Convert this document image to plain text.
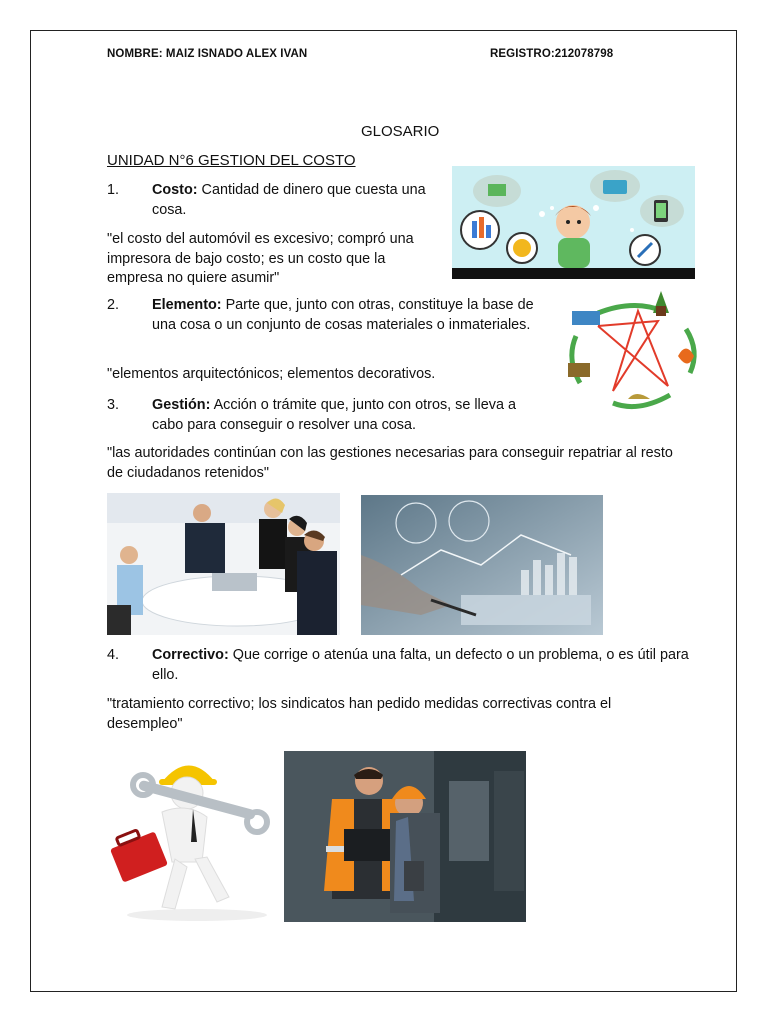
NOMBRE: MAIZ ISNADO ALEX IVAN	REGISTRO:212078798
GLOSARIO
UNIDAD N°6 GESTION DEL COSTO
1. Costo: Cantidad de dinero que cuesta una cosa.
"el costo del automóvil es excesivo; compró una impresora de bajo costo; es un costo que la empresa no quiere asumir"
2. Elemento: Parte que, junto con otras, constituye la base de una cosa o un conjunto de cosas materiales o inmateriales.
"elementos arquitectónicos; elementos decorativos.
3. Gestión: Acción o trámite que, junto con otros, se lleva a cabo para conseguir o resolver una cosa.
"las autoridades continúan con las gestiones necesarias para conseguir repatriar al resto de ciudadanos retenidos"
4. Correctivo: Que corrige o atenúa una falta, un defecto o un problema, o es útil para ello.
"tratamiento correctivo; los sindicatos han pedido medidas correctivas contra el desempleo"
